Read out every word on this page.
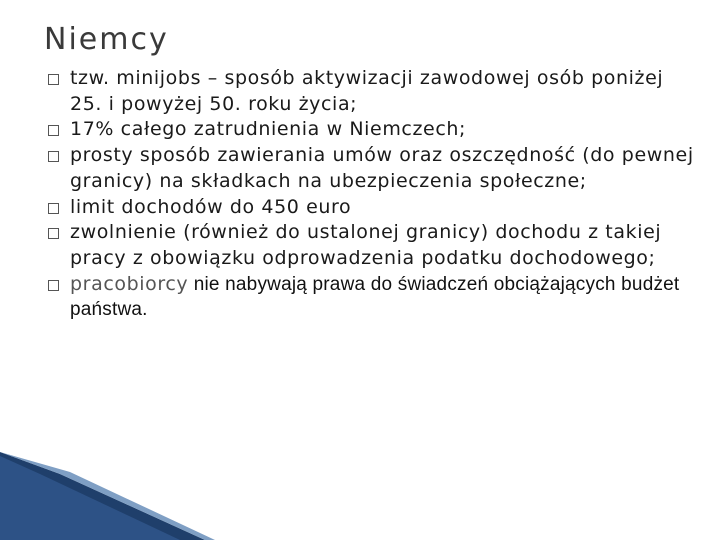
Niemcy
tzw. minijobs – sposób aktywizacji zawodowej osób poniżej 25. i powyżej 50. roku życia;
17% całego zatrudnienia w Niemczech;
prosty sposób zawierania umów oraz oszczędność (do pewnej granicy) na składkach na ubezpieczenia społeczne;
limit dochodów do 450 euro
zwolnienie (również do ustalonej granicy) dochodu z takiej pracy z obowiązku odprowadzenia podatku dochodowego;
pracobiorcy nie nabywają prawa do świadczeń obciążających budżet państwa.
